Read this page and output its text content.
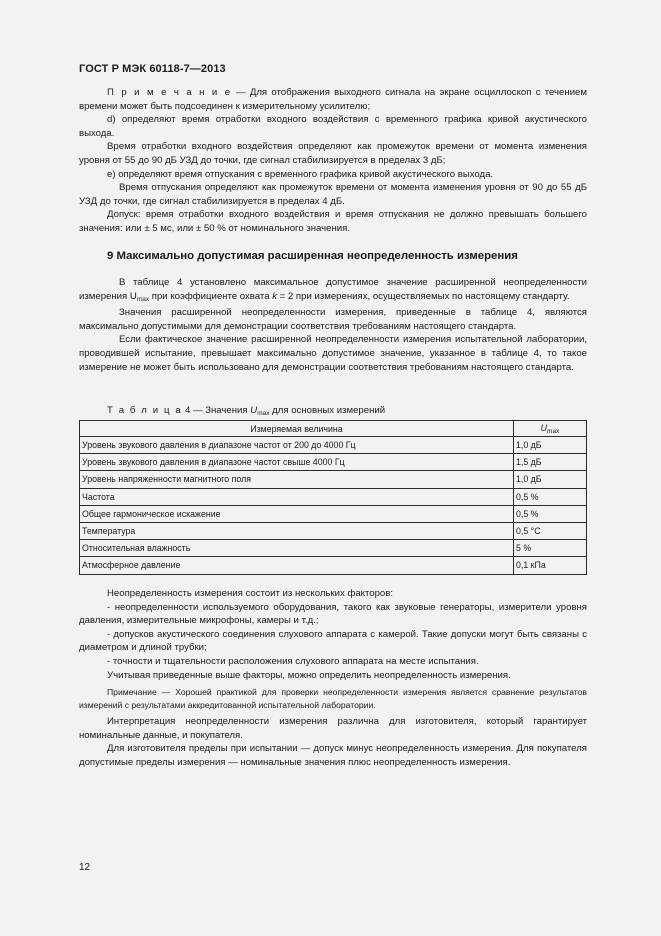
ГОСТ Р МЭК 60118-7—2013

П р и м е ч а н и е — Для отображения выходного сигнала на экране осциллоскоп с течением времени может быть подсоединен к измерительному усилителю;

d) определяют время отработки входного воздействия с временного графика кривой акустического выхода.

Время отработки входного воздействия определяют как промежуток времени от момента изменения уровня от 55 до 90 дБ УЗД до точки, где сигнал стабилизируется в пределах 3 дБ;

e) определяют время отпускания с временного графика кривой акустического выхода.

Время отпускания определяют как промежуток времени от момента изменения уровня от 90 до 55 дБ УЗД до точки, где сигнал стабилизируется в пределах 4 дБ.

Допуск: время отработки входного воздействия и время отпускания не должно превышать большего значения: или ± 5 мс, или ± 50 % от номинального значения.

9 Максимально допустимая расширенная неопределенность измерения

В таблице 4 установлено максимальное допустимое значение расширенной неопределенности измерения $U_{max}$ при коэффициенте охвата k = 2 при измерениях, осуществляемых по настоящему стандарту.

Значения расширенной неопределенности измерения, приведенные в таблице 4, являются максимально допустимыми для демонстрации соответствия требованиям настоящего стандарта.

Если фактическое значение расширенной неопределенности измерения испытательной лаборатории, проводившей испытание, превышает максимально допустимое значение, указанное в таблице 4, то такое измерение не может быть использовано для демонстрации соответствия требованиям настоящего стандарта.

Т а б л и ц а 4 — Значения $U_{max}$ для основных измерений
Измеряемая величина	$U_{max}$
Уровень звукового давления в диапазоне частот от 200 до 4000 Гц	1,0 дБ
Уровень звукового давления в диапазоне частот свыше 4000 Гц	1,5 дБ
Уровень напряженности магнитного поля	1,0 дБ
Частота	0,5 %
Общее гармоническое искажение	0,5 %
Температура	0,5 °C
Относительная влажность	5 %
Атмосферное давление	0,1 кПа

Неопределенность измерения состоит из нескольких факторов:

- неопределенности используемого оборудования, такого как звуковые генераторы, измерители уровня давления, измерительные микрофоны, камеры и т.д.;

- допусков акустического соединения слухового аппарата с камерой. Такие допуски могут быть связаны с диаметром и длиной трубки;

- точности и тщательности расположения слухового аппарата на месте испытания.

Учитывая приведенные выше факторы, можно определить неопределенность измерения.

Примечание — Хорошей практикой для проверки неопределенности измерения является сравнение результатов измерений с результатами аккредитованной испытательной лаборатории.

Интерпретация неопределенности измерения различна для изготовителя, который гарантирует номинальные данные, и покупателя.

Для изготовителя пределы при испытании — допуск минус неопределенность измерения. Для покупателя допустимые пределы измерения — номинальные значения плюс неопределенность измерения.

12
